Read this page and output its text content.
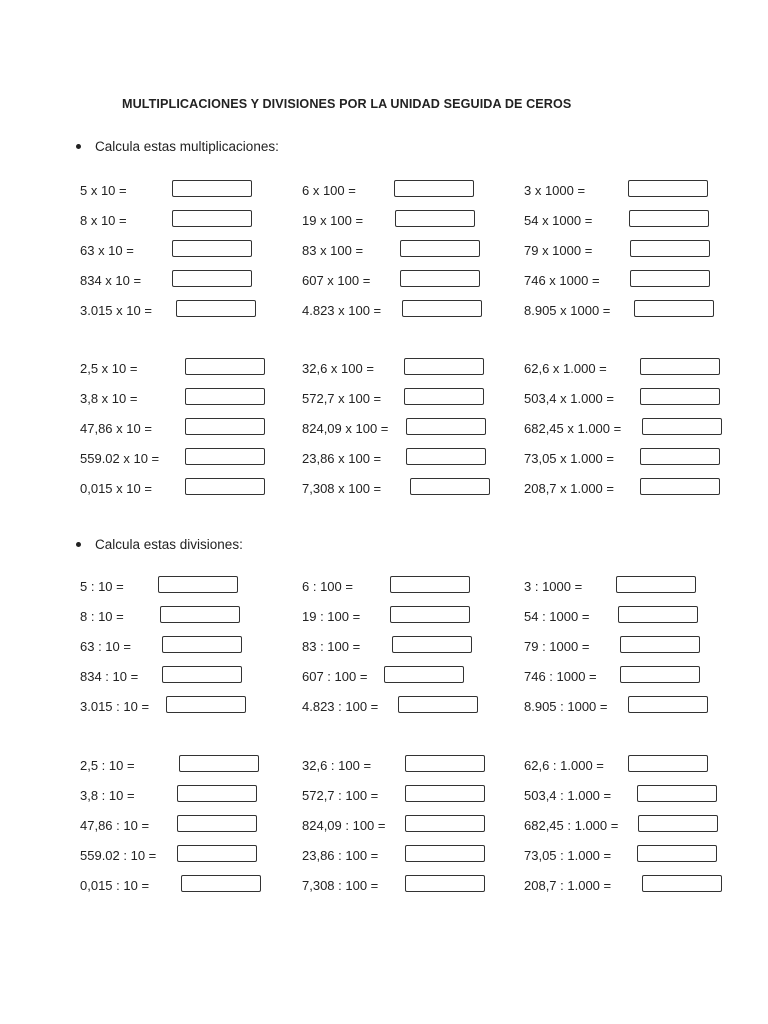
MULTIPLICACIONES Y DIVISIONES POR LA UNIDAD SEGUIDA DE CEROS
Calcula estas multiplicaciones:
5 x 10 =	6 x 100 =	3 x 1000 =
8 x 10 =	19 x 100 =	54 x 1000 =
63 x 10 =	83 x 100 =	79 x 1000 =
834 x 10 =	607 x 100 =	746 x 1000 =
3.015 x 10 =	4.823 x 100 =	8.905 x 1000 =
2,5 x 10 =	32,6 x 100 =	62,6 x 1.000 =
3,8 x 10 =	572,7 x 100 =	503,4 x 1.000 =
47,86 x 10 =	824,09 x 100 =	682,45 x 1.000 =
559.02 x 10 =	23,86 x 100 =	73,05 x 1.000 =
0,015 x 10 =	7,308 x 100 =	208,7 x 1.000 =
Calcula estas divisiones:
5 : 10 =	6 : 100 =	3 : 1000 =
8 : 10 =	19 : 100 =	54 : 1000 =
63 : 10 =	83 : 100 =	79 : 1000 =
834 : 10 =	607 : 100 =	746 : 1000 =
3.015 : 10 =	4.823 : 100 =	8.905 : 1000 =
2,5 : 10 =	32,6 : 100 =	62,6 : 1.000 =
3,8 : 10 =	572,7 : 100 =	503,4 : 1.000 =
47,86 : 10 =	824,09 : 100 =	682,45 : 1.000 =
559.02 : 10 =	23,86 : 100 =	73,05 : 1.000 =
0,015 : 10 =	7,308 : 100 =	208,7 : 1.000 =
